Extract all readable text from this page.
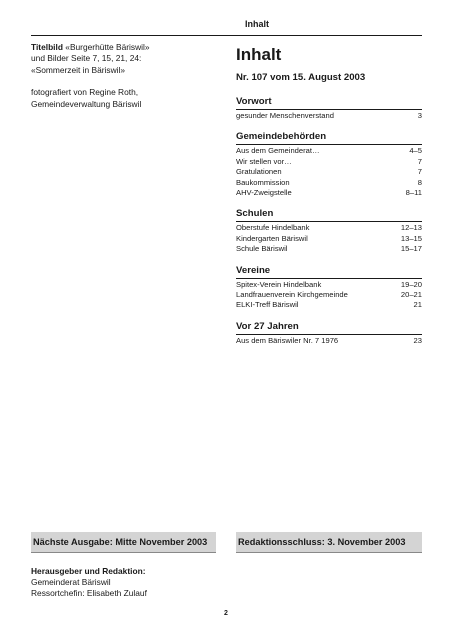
Inhalt
Titelbild «Burgerhütte Bäriswil»
und Bilder Seite 7, 15, 21, 24:
«Sommerzeit in Bäriswil»
fotografiert von Regine Roth,
Gemeindeverwaltung Bäriswil
Inhalt
Nr. 107 vom 15. August 2003
Vorwort
gesunder Menschenverstand	3
Gemeindebehörden
Aus dem Gemeinderat…	4–5
Wir stellen vor…	7
Gratulationen	7
Baukommission	8
AHV-Zweigstelle	8–11
Schulen
Oberstufe Hindelbank	12–13
Kindergarten Bäriswil	13–15
Schule Bäriswil	15–17
Vereine
Spitex-Verein Hindelbank	19–20
Landfrauenverein Kirchgemeinde	20–21
ELKI-Treff Bäriswil	21
Vor 27 Jahren
Aus dem Bäriswiler Nr. 7 1976	23
Nächste Ausgabe: Mitte November 2003	Redaktionsschluss: 3. November 2003
Herausgeber und Redaktion:
Gemeinderat Bäriswil
Ressortchefin: Elisabeth Zulauf
2
